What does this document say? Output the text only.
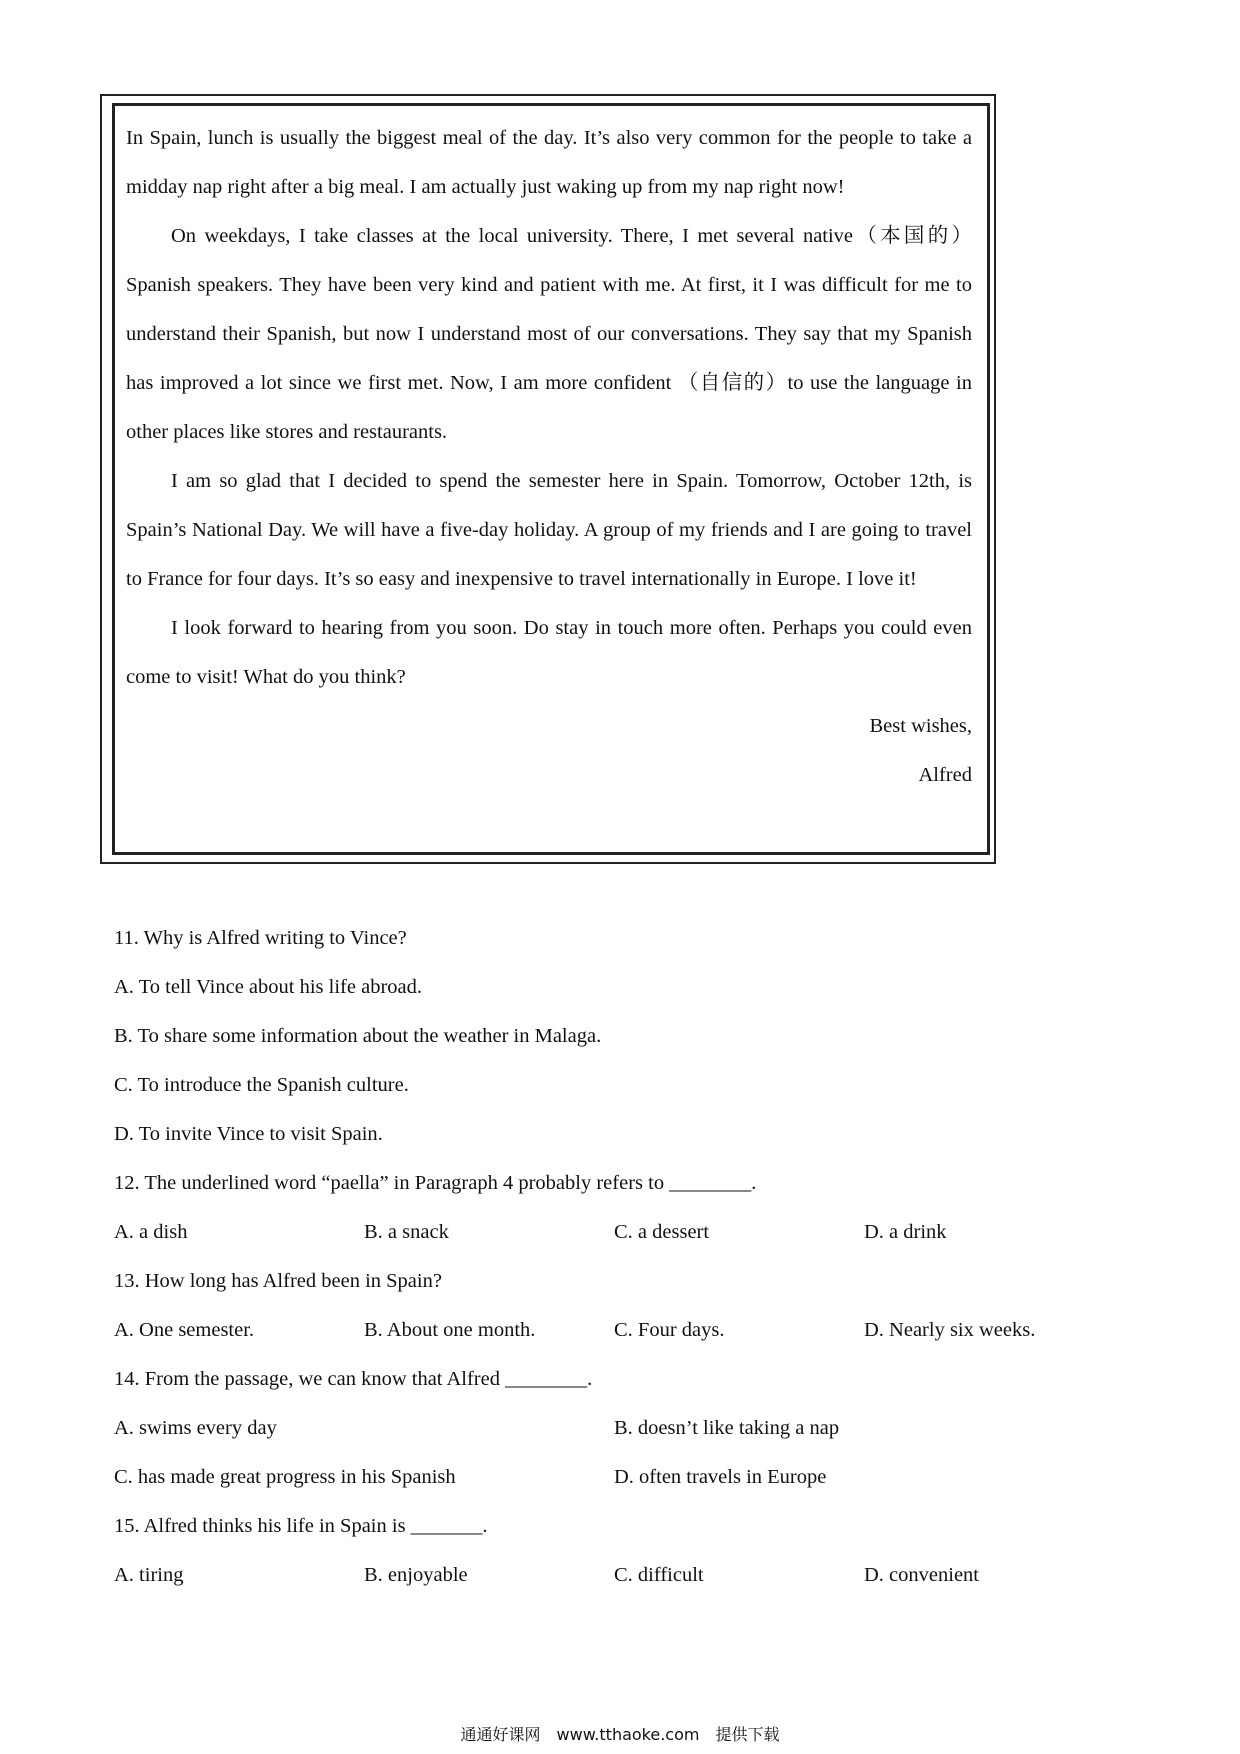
In Spain, lunch is usually the biggest meal of the day. It’s also very common for the people to take a midday nap right after a big meal. I am actually just waking up from my nap right now!

On weekdays, I take classes at the local university. There, I met several native（本国的）Spanish speakers. They have been very kind and patient with me. At first, it I was difficult for me to understand their Spanish, but now I understand most of our conversations. They say that my Spanish has improved a lot since we first met. Now, I am more confident （自信的）to use the language in other places like stores and restaurants.

I am so glad that I decided to spend the semester here in Spain. Tomorrow, October 12th, is Spain’s National Day. We will have a five-day holiday. A group of my friends and I are going to travel to France for four days. It’s so easy and inexpensive to travel internationally in Europe. I love it!

I look forward to hearing from you soon. Do stay in touch more often. Perhaps you could even come to visit! What do you think?

Best wishes,

Alfred

11. Why is Alfred writing to Vince?

A. To tell Vince about his life abroad.

B. To share some information about the weather in Malaga.

C. To introduce the Spanish culture.

D. To invite Vince to visit Spain.

12. The underlined word “paella” in Paragraph 4 probably refers to ________.

A. a dish	B. a snack	C. a dessert	D. a drink

13. How long has Alfred been in Spain?

A. One semester.	B. About one month.	C. Four days.	D. Nearly six weeks.

14. From the passage, we can know that Alfred ________.

A. swims every day	B. doesn’t like taking a nap
C. has made great progress in his Spanish	D. often travels in Europe

15. Alfred thinks his life in Spain is _______.

A. tiring	B. enjoyable	C. difficult	D. convenient
通通好课网　www.tthaoke.com　提供下载
